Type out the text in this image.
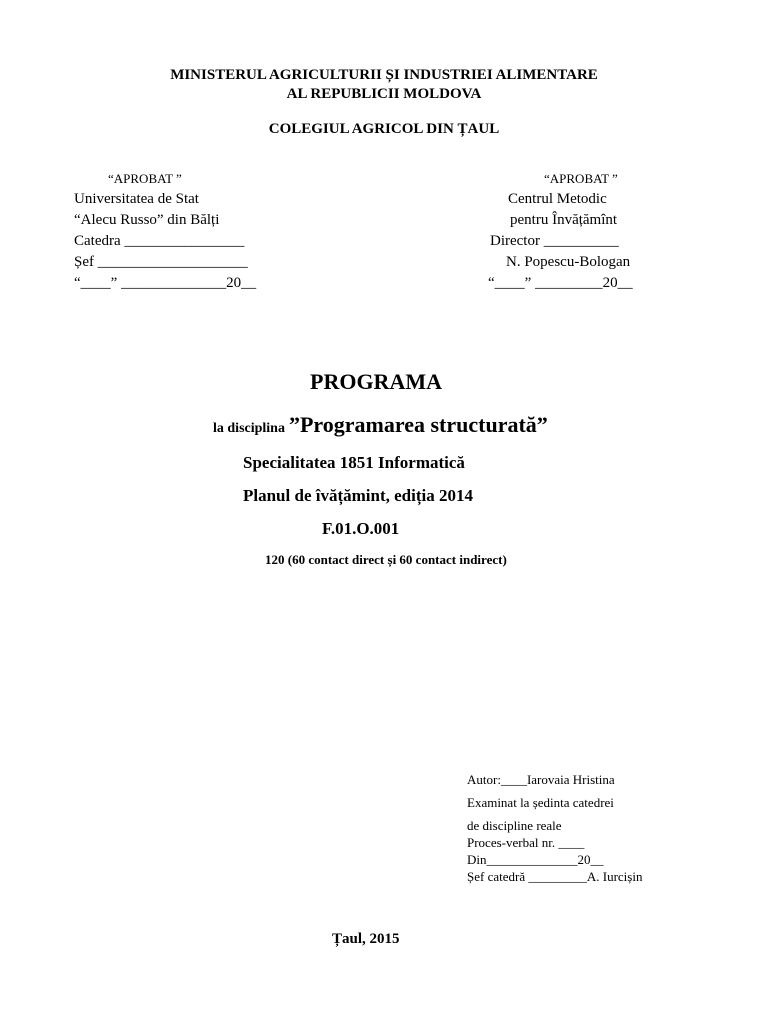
MINISTERUL AGRICULTURII ȘI INDUSTRIEI ALIMENTARE
AL REPUBLICII MOLDOVA
COLEGIUL AGRICOL DIN ȚAUL
“APROBAT ”
Universitatea de Stat
“Alecu Russo” din Bălți
Catedra ________________
Șef ____________________
“____” ______________20__
“APROBAT ”
Centrul Metodic
pentru Învățămînt
Director __________
N. Popescu-Bologan
“____” _________20__
PROGRAMA
la disciplina ”Programarea structurată”
Specialitatea 1851 Informatică
Planul de îvățămint, ediția 2014
F.01.O.001
120 (60 contact direct și 60 contact indirect)
Autor:____Iarovaia Hristina
Examinat la ședinta catedrei
de discipline reale
Proces-verbal nr. ____
Din______________20__
Șef catedră _________A. Iurcișin
Țaul, 2015
